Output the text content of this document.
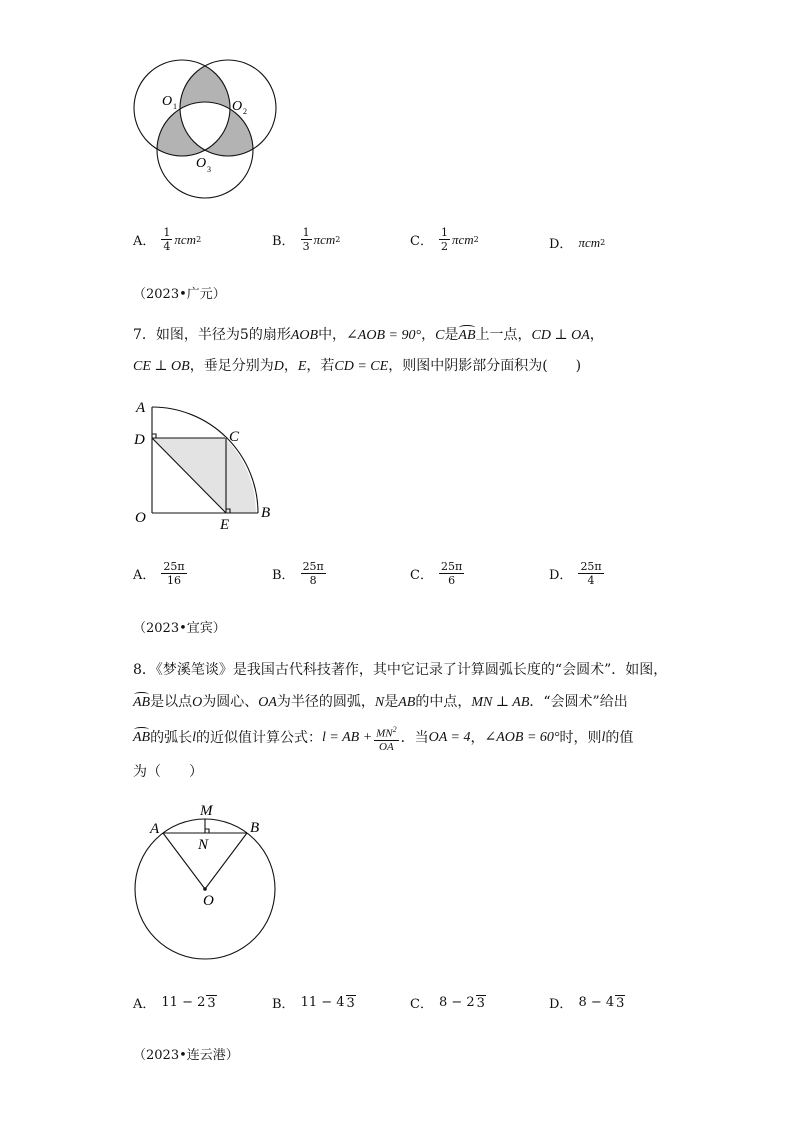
O 1	O 2
O 3
A． $\frac{1}{4}$ πcm 2	B． $\frac{1}{3}$ πcm 2	C． $\frac{1}{2}$ πcm 2	D． πcm 2
（2023•广元）
7．如图，半径为5的扇形AOB中，∠AOB = 90°，C是AB上一点，CD ⊥ OA，
CE ⊥ OB，垂足分别为D，E，若CD = CE，则图中阴影部分面积为(　　)
A
D	C
O	E
B
A． $\frac{25\pi}{16}$	B． $\frac{25\pi}{8}$	C． $\frac{25\pi}{6}$	D． $\frac{25\pi}{4}$
（2023•宜宾）
8．《梦溪笔谈》是我国古代科技著作，其中它记录了计算圆弧长度的“会圆术”．如图，
AB是以点O为圆心、OA为半径的圆弧，N是AB的中点，MN ⊥ AB．“会圆术”给出
AB 的弧长 l 的近似值计算公式： l = AB + $\frac{MN^2}{OA}$ ．当 OA = 4 ， ∠AOB = 60° 时，则 l 的值
为（　　）
M
A	B
N
O
A． 11 − 2 3	B． 11 − 4 3	C． 8 − 2 3	D． 8 − 4 3
（2023•连云港）
